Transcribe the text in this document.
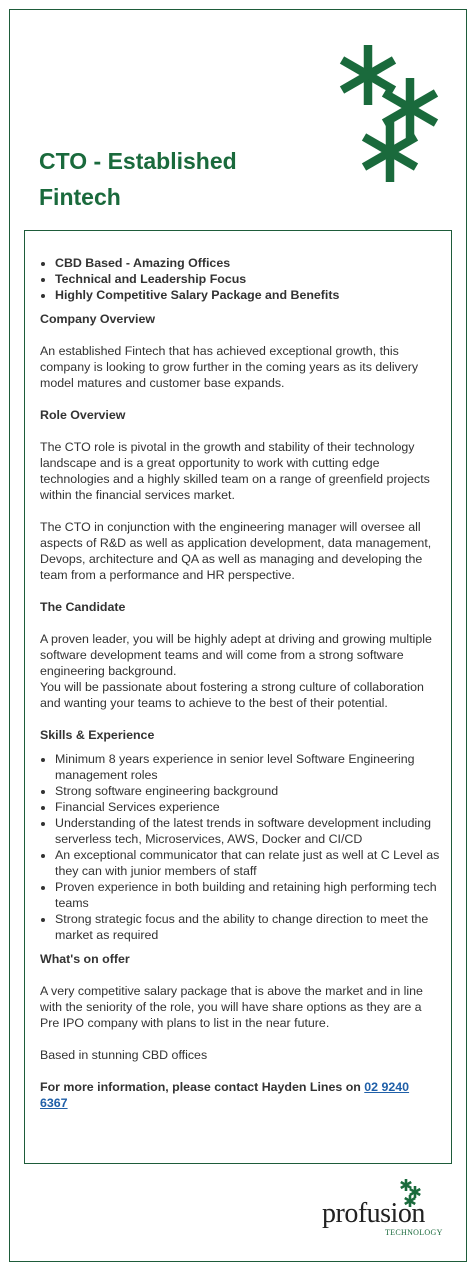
CTO - Established Fintech
• CBD Based - Amazing Offices
• Technical and Leadership Focus
• Highly Competitive Salary Package and Benefits

Company Overview

An established Fintech that has achieved exceptional growth, this company is looking to grow further in the coming years as its delivery model matures and customer base expands.

Role Overview

The CTO role is pivotal in the growth and stability of their technology landscape and is a great opportunity to work with cutting edge technologies and a highly skilled team on a range of greenfield projects within the financial services market.

The CTO in conjunction with the engineering manager will oversee all aspects of R&D as well as application development, data management, Devops, architecture and QA as well as managing and developing the team from a performance and HR perspective.

The Candidate

A proven leader, you will be highly adept at driving and growing multiple software development teams and will come from a strong software engineering background.

You will be passionate about fostering a strong culture of collaboration and wanting your teams to achieve to the best of their potential.

Skills & Experience

• Minimum 8 years experience in senior level Software Engineering management roles
• Strong software engineering background
• Financial Services experience
• Understanding of the latest trends in software development including serverless tech, Microservices, AWS, Docker and CI/CD
• An exceptional communicator that can relate just as well at C Level as they can with junior members of staff
• Proven experience in both building and retaining high performing tech teams
• Strong strategic focus and the ability to change direction to meet the market as required

What's on offer

A very competitive salary package that is above the market and in line with the seniority of the role, you will have share options as they are a Pre IPO company with plans to list in the near future.

Based in stunning CBD offices

For more information, please contact Hayden Lines on 02 9240 6367

profusion
TECHNOLOGY
